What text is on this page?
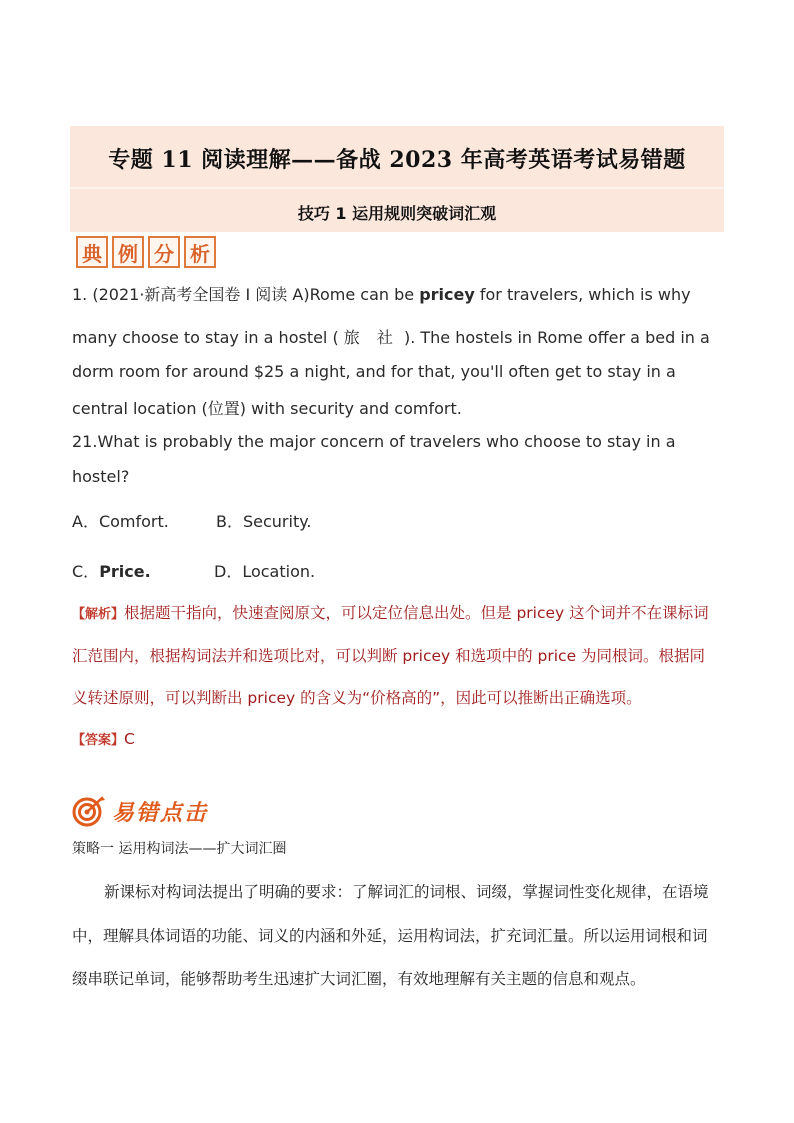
专题 11 阅读理解——备战 2023 年高考英语考试易错题
技巧 1 运用规则突破词汇观
典 例 分 析
1. (2021·新高考全国卷 I 阅读 A)Rome can be pricey for travelers, which is why
many choose to stay in a hostel ( 旅 社 ). The hostels in Rome offer a bed in a
dorm room for around $25 a night, and for that, you'll often get to stay in a
central location (位置) with security and comfort.
21.What is probably the major concern of travelers who choose to stay in a
hostel?
A．Comfort.	B．Security.
C．Price.	D．Location.
【解析】根据题干指向，快速查阅原文，可以定位信息出处。但是 pricey 这个词并不在课标词
汇范围内，根据构词法并和选项比对，可以判断 pricey 和选项中的 price 为同根词。根据同
义转述原则，可以判断出 pricey 的含义为“价格高的”，因此可以推断出正确选项。
【答案】C
易错点击
策略一 运用构词法——扩大词汇圈
新课标对构词法提出了明确的要求：了解词汇的词根、词缀，掌握词性变化规律，在语境
中，理解具体词语的功能、词义的内涵和外延，运用构词法，扩充词汇量。所以运用词根和词
缀串联记单词，能够帮助考生迅速扩大词汇圈，有效地理解有关主题的信息和观点。
